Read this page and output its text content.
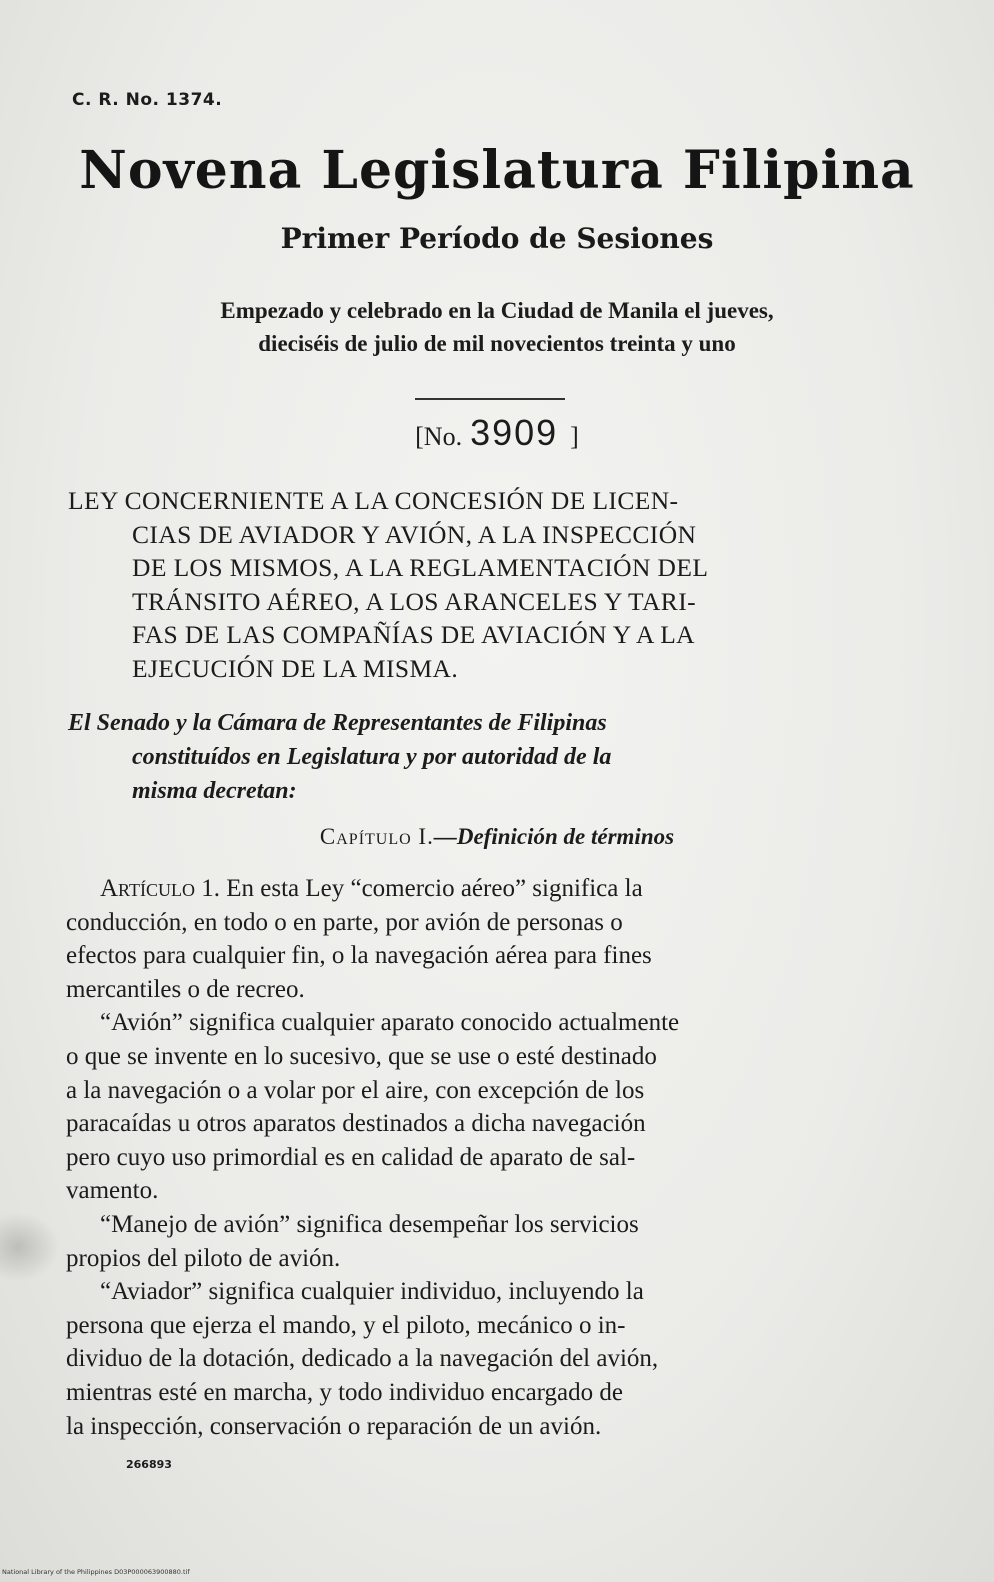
C. R. No. 1374.
Novena Legislatura Filipina
Primer Período de Sesiones
Empezado y celebrado en la Ciudad de Manila el jueves,
dieciséis de julio de mil novecientos treinta y uno
[No. 3909 ]
LEY CONCERNIENTE A LA CONCESIÓN DE LICEN-
CIAS DE AVIADOR Y AVIÓN, A LA INSPECCIÓN
DE LOS MISMOS, A LA REGLAMENTACIÓN DEL
TRÁNSITO AÉREO, A LOS ARANCELES Y TARI-
FAS DE LAS COMPAÑÍAS DE AVIACIÓN Y A LA
EJECUCIÓN DE LA MISMA.
El Senado y la Cámara de Representantes de Filipinas
constituídos en Legislatura y por autoridad de la
misma decretan:
Capítulo I.—Definición de términos
Artículo 1. En esta Ley “comercio aéreo” significa la
conducción, en todo o en parte, por avión de personas o
efectos para cualquier fin, o la navegación aérea para fines
mercantiles o de recreo.
“Avión” significa cualquier aparato conocido actualmente
o que se invente en lo sucesivo, que se use o esté destinado
a la navegación o a volar por el aire, con excepción de los
paracaídas u otros aparatos destinados a dicha navegación
pero cuyo uso primordial es en calidad de aparato de sal-
vamento.
“Manejo de avión” significa desempeñar los servicios
propios del piloto de avión.
“Aviador” significa cualquier individuo, incluyendo la
persona que ejerza el mando, y el piloto, mecánico o in-
dividuo de la dotación, dedicado a la navegación del avión,
mientras esté en marcha, y todo individuo encargado de
la inspección, conservación o reparación de un avión.
266893
National Library of the Philippines D03P000063900880.tif
